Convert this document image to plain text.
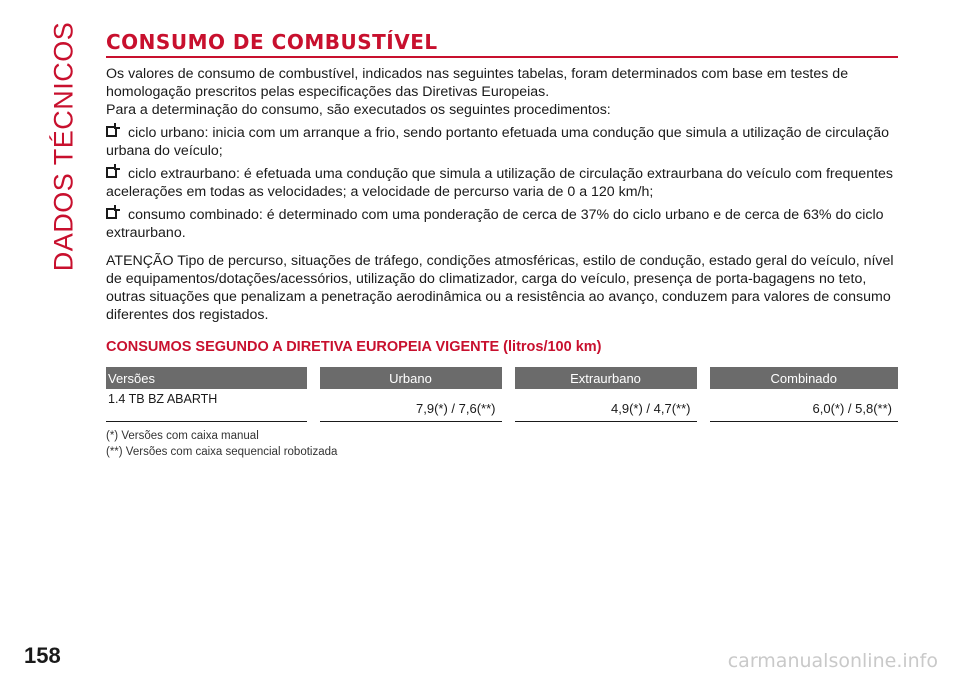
DADOS TÉCNICOS
158
CONSUMO DE COMBUSTÍVEL

Os valores de consumo de combustível, indicados nas seguintes tabelas, foram determinados com base em testes de homologação prescritos pelas especificações das Diretivas Europeias.

Para a determinação do consumo, são executados os seguintes procedimentos:

ciclo urbano: inicia com um arranque a frio, sendo portanto efetuada uma condução que simula a utilização de circulação urbana do veículo;

ciclo extraurbano: é efetuada uma condução que simula a utilização de circulação extraurbana do veículo com frequentes acelerações em todas as velocidades; a velocidade de percurso varia de 0 a 120 km/h;

consumo combinado: é determinado com uma ponderação de cerca de 37% do ciclo urbano e de cerca de 63% do ciclo extraurbano.

ATENÇÃO Tipo de percurso, situações de tráfego, condições atmosféricas, estilo de condução, estado geral do veículo, nível de equipamentos/dotações/acessórios, utilização do climatizador, carga do veículo, presença de porta-bagagens no teto, outras situações que penalizam a penetração aerodinâmica ou a resistência ao avanço, conduzem para valores de consumo diferentes dos registados.

CONSUMOS SEGUNDO A DIRETIVA EUROPEIA VIGENTE (litros/100 km)
Versões	Urbano	Extraurbano	Combinado
1.4 TB BZ ABARTH	7,9(*) / 7,6(**)	4,9(*) / 4,7(**)	6,0(*) / 5,8(**)
(*) Versões com caixa manual
(**) Versões com caixa sequencial robotizada
carmanualsonline.info
